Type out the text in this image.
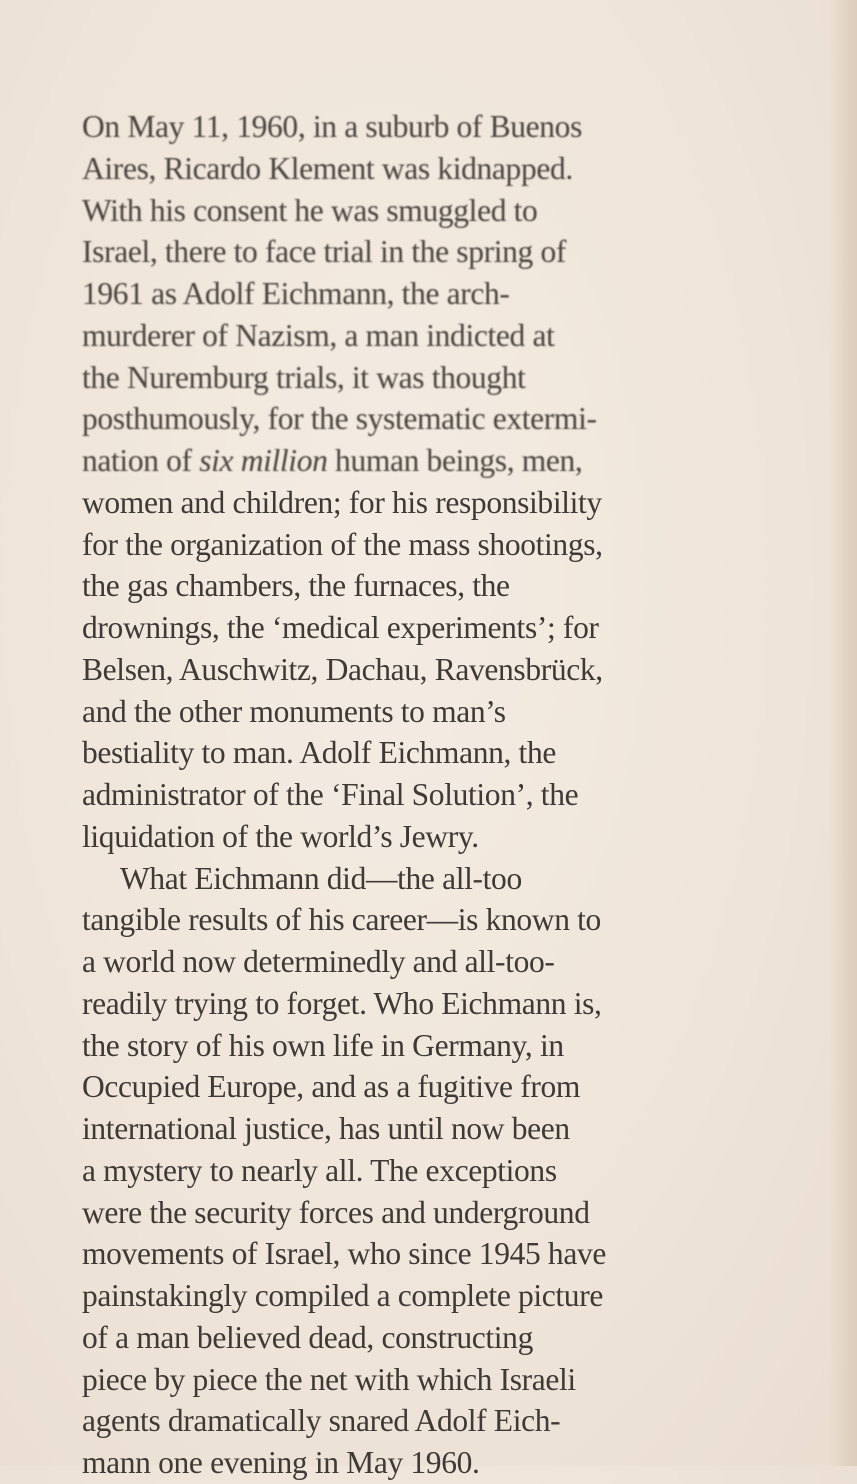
On May 11, 1960, in a suburb of Buenos
Aires, Ricardo Klement was kidnapped.
With his consent he was smuggled to
Israel, there to face trial in the spring of
1961 as Adolf Eichmann, the arch-
murderer of Nazism, a man indicted at
the Nuremburg trials, it was thought
posthumously, for the systematic extermi-
nation of six million human beings, men,
women and children; for his responsibility
for the organization of the mass shootings,
the gas chambers, the furnaces, the
drownings, the ‘medical experiments’; for
Belsen, Auschwitz, Dachau, Ravensbrück,
and the other monuments to man’s
bestiality to man. Adolf Eichmann, the
administrator of the ‘Final Solution’, the
liquidation of the world’s Jewry.
What Eichmann did—the all-too
tangible results of his career—is known to
a world now determinedly and all-too-
readily trying to forget. Who Eichmann is,
the story of his own life in Germany, in
Occupied Europe, and as a fugitive from
international justice, has until now been
a mystery to nearly all. The exceptions
were the security forces and underground
movements of Israel, who since 1945 have
painstakingly compiled a complete picture
of a man believed dead, constructing
piece by piece the net with which Israeli
agents dramatically snared Adolf Eich-
mann one evening in May 1960.
